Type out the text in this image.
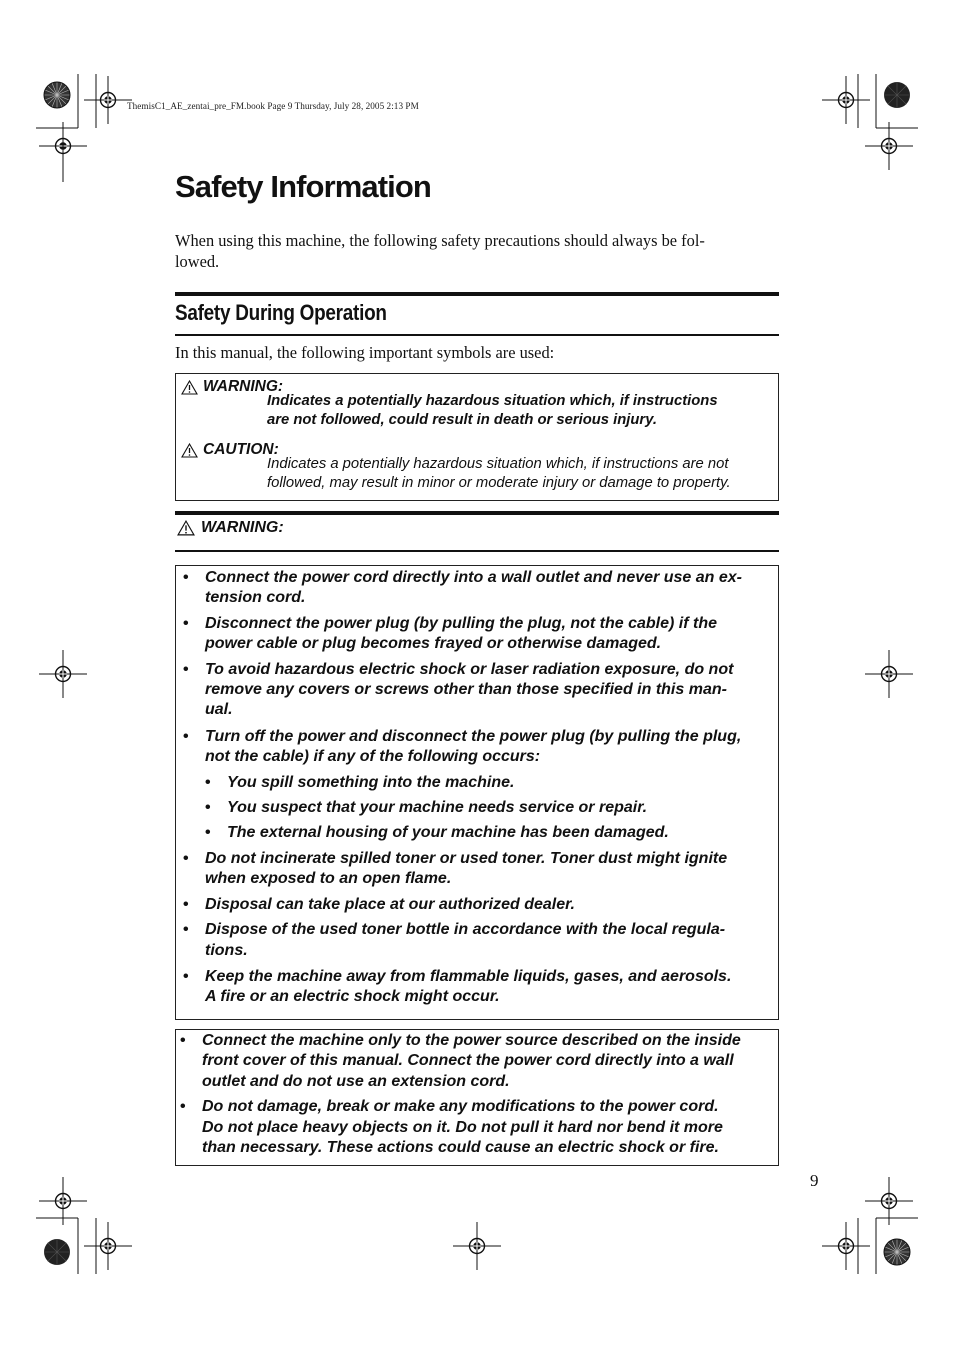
ThemisC1_AE_zentai_pre_FM.book Page 9 Thursday, July 28, 2005 2:13 PM
Safety Information

When using this machine, the following safety precautions should always be fol-
lowed.

Safety During Operation

In this manual, the following important symbols are used:

WARNING:
Indicates a potentially hazardous situation which, if instructions
are not followed, could result in death or serious injury.
CAUTION:
Indicates a potentially hazardous situation which, if instructions are not
followed, may result in minor or moderate injury or damage to property.
WARNING:
• Connect the power cord directly into a wall outlet and never use an ex-
tension cord.
• Disconnect the power plug (by pulling the plug, not the cable) if the
power cable or plug becomes frayed or otherwise damaged.
• To avoid hazardous electric shock or laser radiation exposure, do not
remove any covers or screws other than those specified in this man-
ual.
• Turn off the power and disconnect the power plug (by pulling the plug,
not the cable) if any of the following occurs:
• You spill something into the machine.
• You suspect that your machine needs service or repair.
• The external housing of your machine has been damaged.
• Do not incinerate spilled toner or used toner. Toner dust might ignite
when exposed to an open flame.
• Disposal can take place at our authorized dealer.
• Dispose of the used toner bottle in accordance with the local regula-
tions.
• Keep the machine away from flammable liquids, gases, and aerosols.
A fire or an electric shock might occur.
• Connect the machine only to the power source described on the inside
front cover of this manual. Connect the power cord directly into a wall
outlet and do not use an extension cord.
• Do not damage, break or make any modifications to the power cord.
Do not place heavy objects on it. Do not pull it hard nor bend it more
than necessary. These actions could cause an electric shock or fire.
9
